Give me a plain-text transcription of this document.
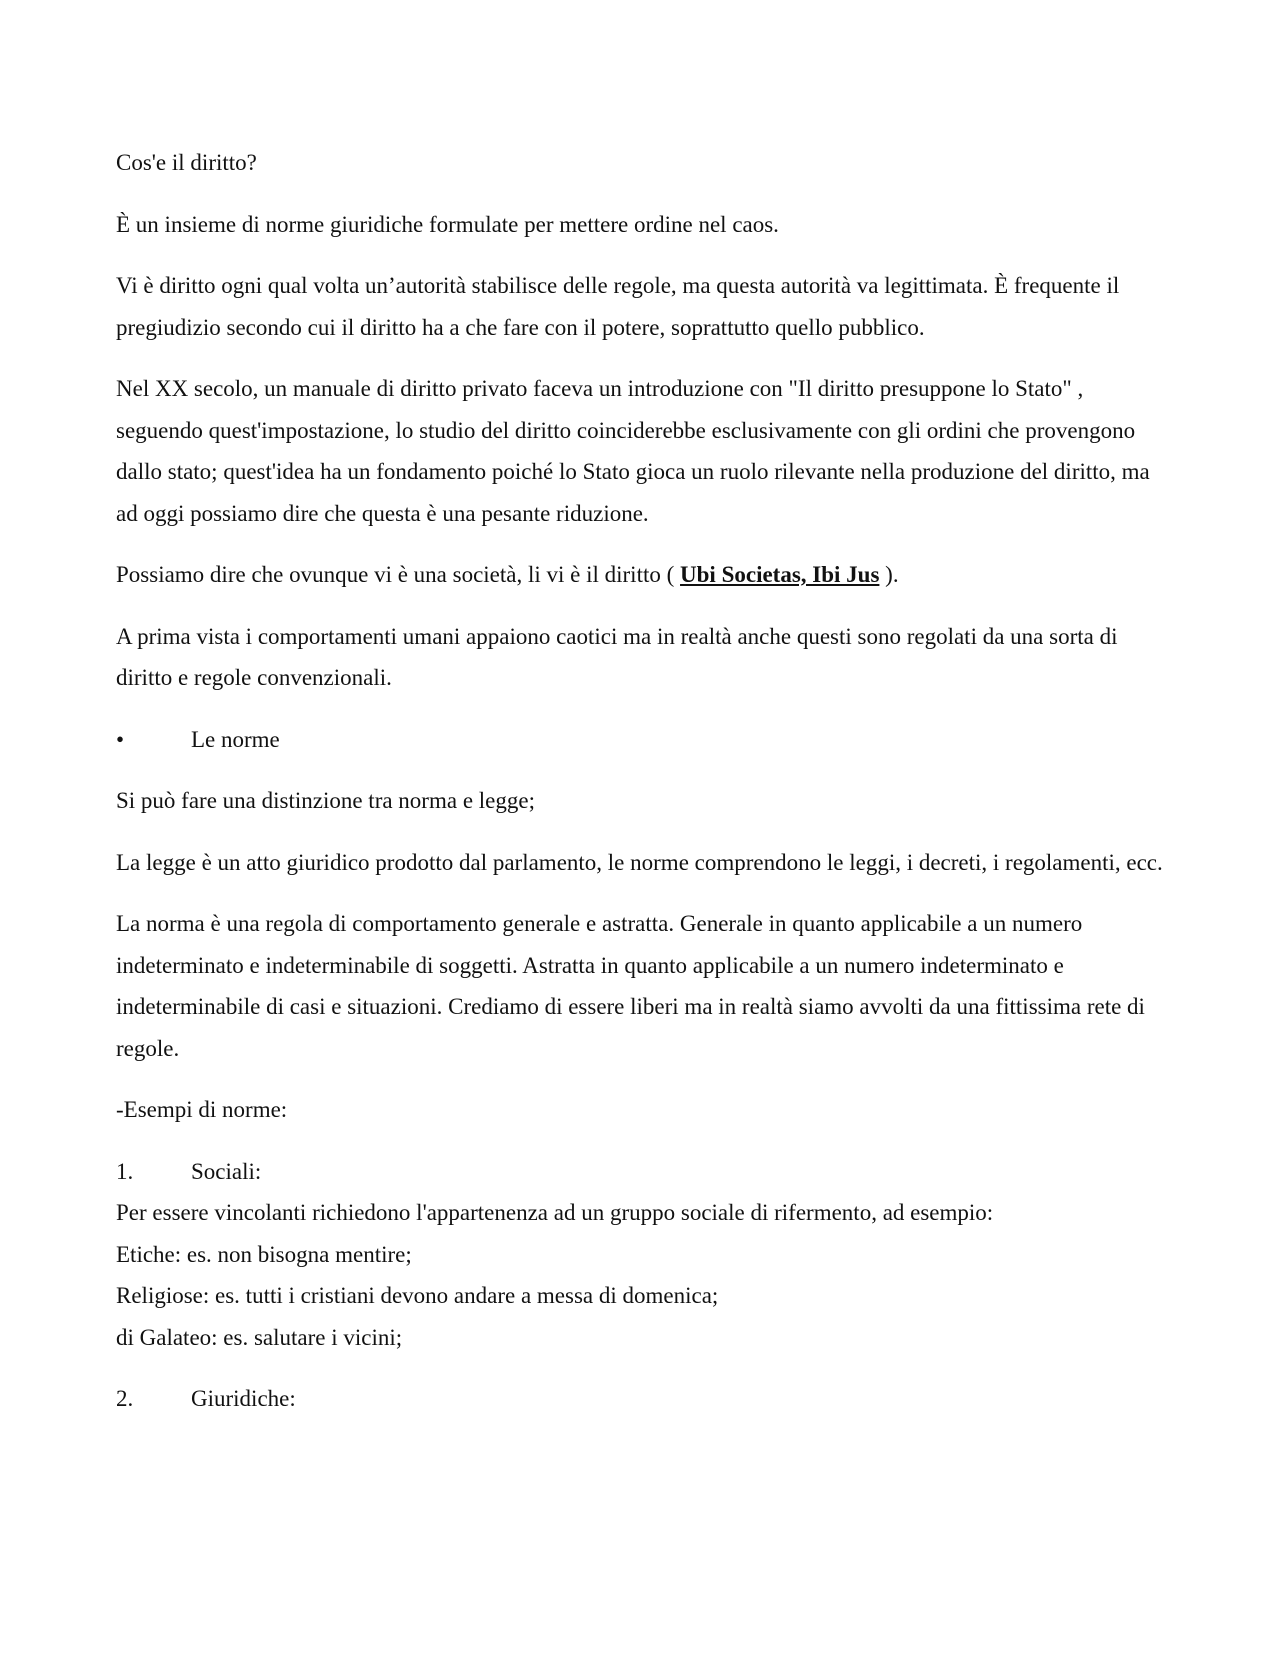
Cos'e il diritto?

È un insieme di norme giuridiche formulate per mettere ordine nel caos.

Vi è diritto ogni qual volta un’autorità stabilisce delle regole, ma questa autorità va legittimata. È frequente il pregiudizio secondo cui il diritto ha a che fare con il potere, soprattutto quello pubblico.

Nel XX secolo, un manuale di diritto privato faceva un introduzione con "Il diritto presuppone lo Stato" , seguendo quest'impostazione, lo studio del diritto coinciderebbe esclusivamente con gli ordini che provengono dallo stato; quest'idea ha un fondamento poiché lo Stato gioca un ruolo rilevante nella produzione del diritto, ma ad oggi possiamo dire che questa è una pesante riduzione.

Possiamo dire che ovunque vi è una società, li vi è il diritto ( Ubi Societas, Ibi Jus ).

A prima vista i comportamenti umani appaiono caotici ma in realtà anche questi sono regolati da una sorta di diritto e regole convenzionali.

•	Le norme

Si può fare una distinzione tra norma e legge;

La legge è un atto giuridico prodotto dal parlamento, le norme comprendono le leggi, i decreti, i regolamenti, ecc.

La norma è una regola di comportamento generale e astratta. Generale in quanto applicabile a un numero indeterminato e indeterminabile di soggetti. Astratta in quanto applicabile a un numero indeterminato e indeterminabile di casi e situazioni. Crediamo di essere liberi ma in realtà siamo avvolti da una fittissima rete di regole.

-Esempi di norme:

1.	Sociali:
Per essere vincolanti richiedono l'appartenenza ad un gruppo sociale di rifermento, ad esempio:
Etiche: es. non bisogna mentire;
Religiose: es. tutti i cristiani devono andare a messa di domenica;
di Galateo: es. salutare i vicini;
2.	Giuridiche:
